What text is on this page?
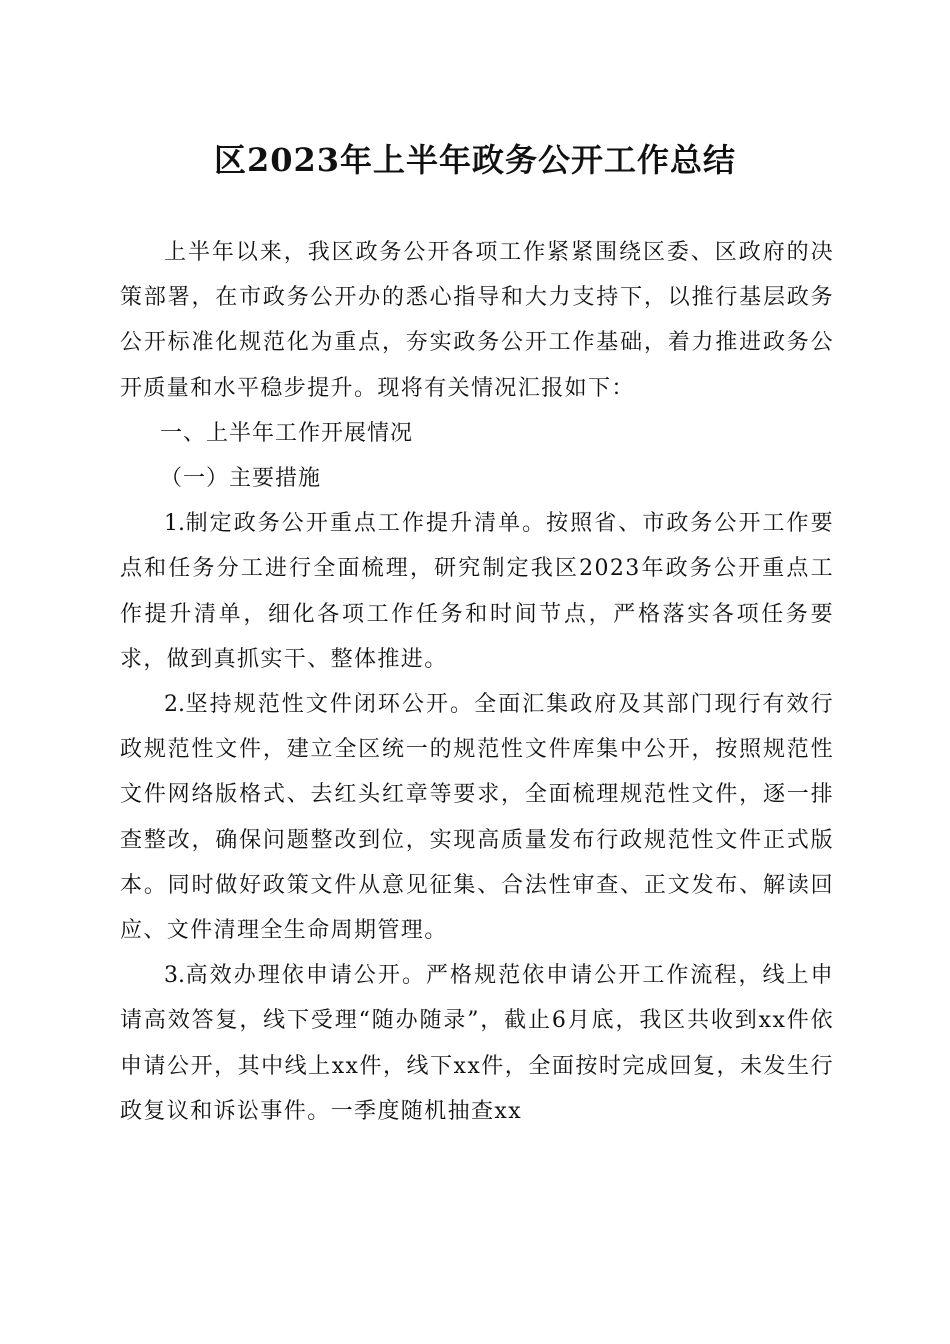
区2023年上半年政务公开工作总结

上半年以来，我区政务公开各项工作紧紧围绕区委、区政府的决策部署，在市政务公开办的悉心指导和大力支持下，以推行基层政务公开标准化规范化为重点，夯实政务公开工作基础，着力推进政务公开质量和水平稳步提升。现将有关情况汇报如下：

一、上半年工作开展情况

（一）主要措施

1.制定政务公开重点工作提升清单。按照省、市政务公开工作要点和任务分工进行全面梳理，研究制定我区2023年政务公开重点工作提升清单，细化各项工作任务和时间节点，严格落实各项任务要求，做到真抓实干、整体推进。

2.坚持规范性文件闭环公开。全面汇集政府及其部门现行有效行政规范性文件，建立全区统一的规范性文件库集中公开，按照规范性文件网络版格式、去红头红章等要求，全面梳理规范性文件，逐一排查整改，确保问题整改到位，实现高质量发布行政规范性文件正式版本。同时做好政策文件从意见征集、合法性审查、正文发布、解读回应、文件清理全生命周期管理。

3.高效办理依申请公开。严格规范依申请公开工作流程，线上申请高效答复，线下受理“随办随录”，截止6月底，我区共收到xx件依申请公开，其中线上xx件，线下xx件，全面按时完成回复，未发生行政复议和诉讼事件。一季度随机抽查xx
